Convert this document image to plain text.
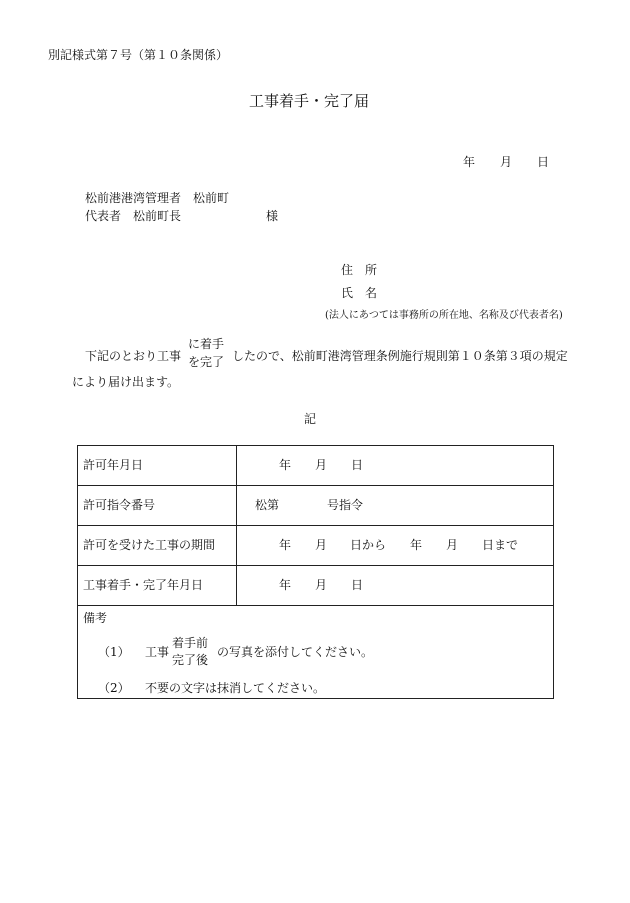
別記様式第７号（第１０条関係）
工事着手・完了届
年 月 日
松前港港湾管理者　松前町
代表者　松前町長	様
住　所
氏　名
(法人にあつては事務所の所在地、名称及び代表者名)
下記のとおり工事
に着手
を完了 したので、松前町港湾管理条例施行規則第１０条第３項の規定
により届け出ます。
記
許可年月日	年 月 日
許可指令番号	松第	号指令
許可を受けた工事の期間	年 月 日から 年 月 日まで
工事着手・完了年月日	年 月 日
備考
（1） 工事
着手前
完了後
の写真を添付してください。
（2） 不要の文字は抹消してください。
